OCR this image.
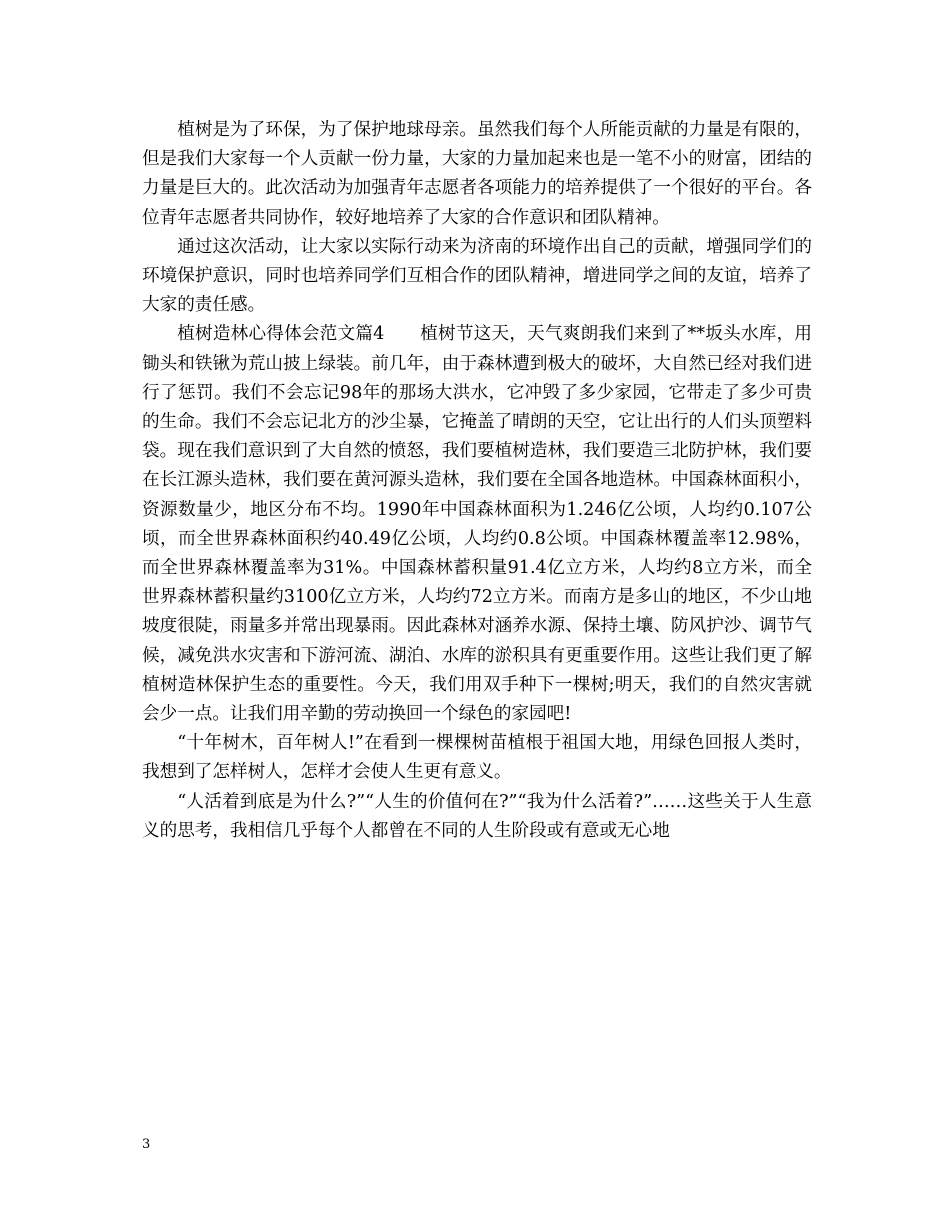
植树是为了环保，为了保护地球母亲。虽然我们每个人所能贡献的力量是有限的，但是我们大家每一个人贡献一份力量，大家的力量加起来也是一笔不小的财富，团结的力量是巨大的。此次活动为加强青年志愿者各项能力的培养提供了一个很好的平台。各位青年志愿者共同协作，较好地培养了大家的合作意识和团队精神。

通过这次活动，让大家以实际行动来为济南的环境作出自己的贡献，增强同学们的环境保护意识，同时也培养同学们互相合作的团队精神，增进同学之间的友谊，培养了大家的责任感。

植树造林心得体会范文篇4　　植树节这天，天气爽朗我们来到了**坂头水库，用锄头和铁锹为荒山披上绿装。前几年，由于森林遭到极大的破坏，大自然已经对我们进行了惩罚。我们不会忘记98年的那场大洪水，它冲毁了多少家园，它带走了多少可贵的生命。我们不会忘记北方的沙尘暴，它掩盖了晴朗的天空，它让出行的人们头顶塑料袋。现在我们意识到了大自然的愤怒，我们要植树造林，我们要造三北防护林，我们要在长江源头造林，我们要在黄河源头造林，我们要在全国各地造林。中国森林面积小，资源数量少，地区分布不均。1990年中国森林面积为1.246亿公顷，人均约0.107公顷，而全世界森林面积约40.49亿公顷，人均约0.8公顷。中国森林覆盖率12.98%，而全世界森林覆盖率为31%。中国森林蓄积量91.4亿立方米，人均约8立方米，而全世界森林蓄积量约3100亿立方米，人均约72立方米。而南方是多山的地区，不少山地坡度很陡，雨量多并常出现暴雨。因此森林对涵养水源、保持土壤、防风护沙、调节气候，减免洪水灾害和下游河流、湖泊、水库的淤积具有更重要作用。这些让我们更了解植树造林保护生态的重要性。今天，我们用双手种下一棵树;明天，我们的自然灾害就会少一点。让我们用辛勤的劳动换回一个绿色的家园吧!

“十年树木，百年树人!”在看到一棵棵树苗植根于祖国大地，用绿色回报人类时，我想到了怎样树人，怎样才会使人生更有意义。

“人活着到底是为什么?”“人生的价值何在?”“我为什么活着?”……这些关于人生意义的思考，我相信几乎每个人都曾在不同的人生阶段或有意或无心地

3
